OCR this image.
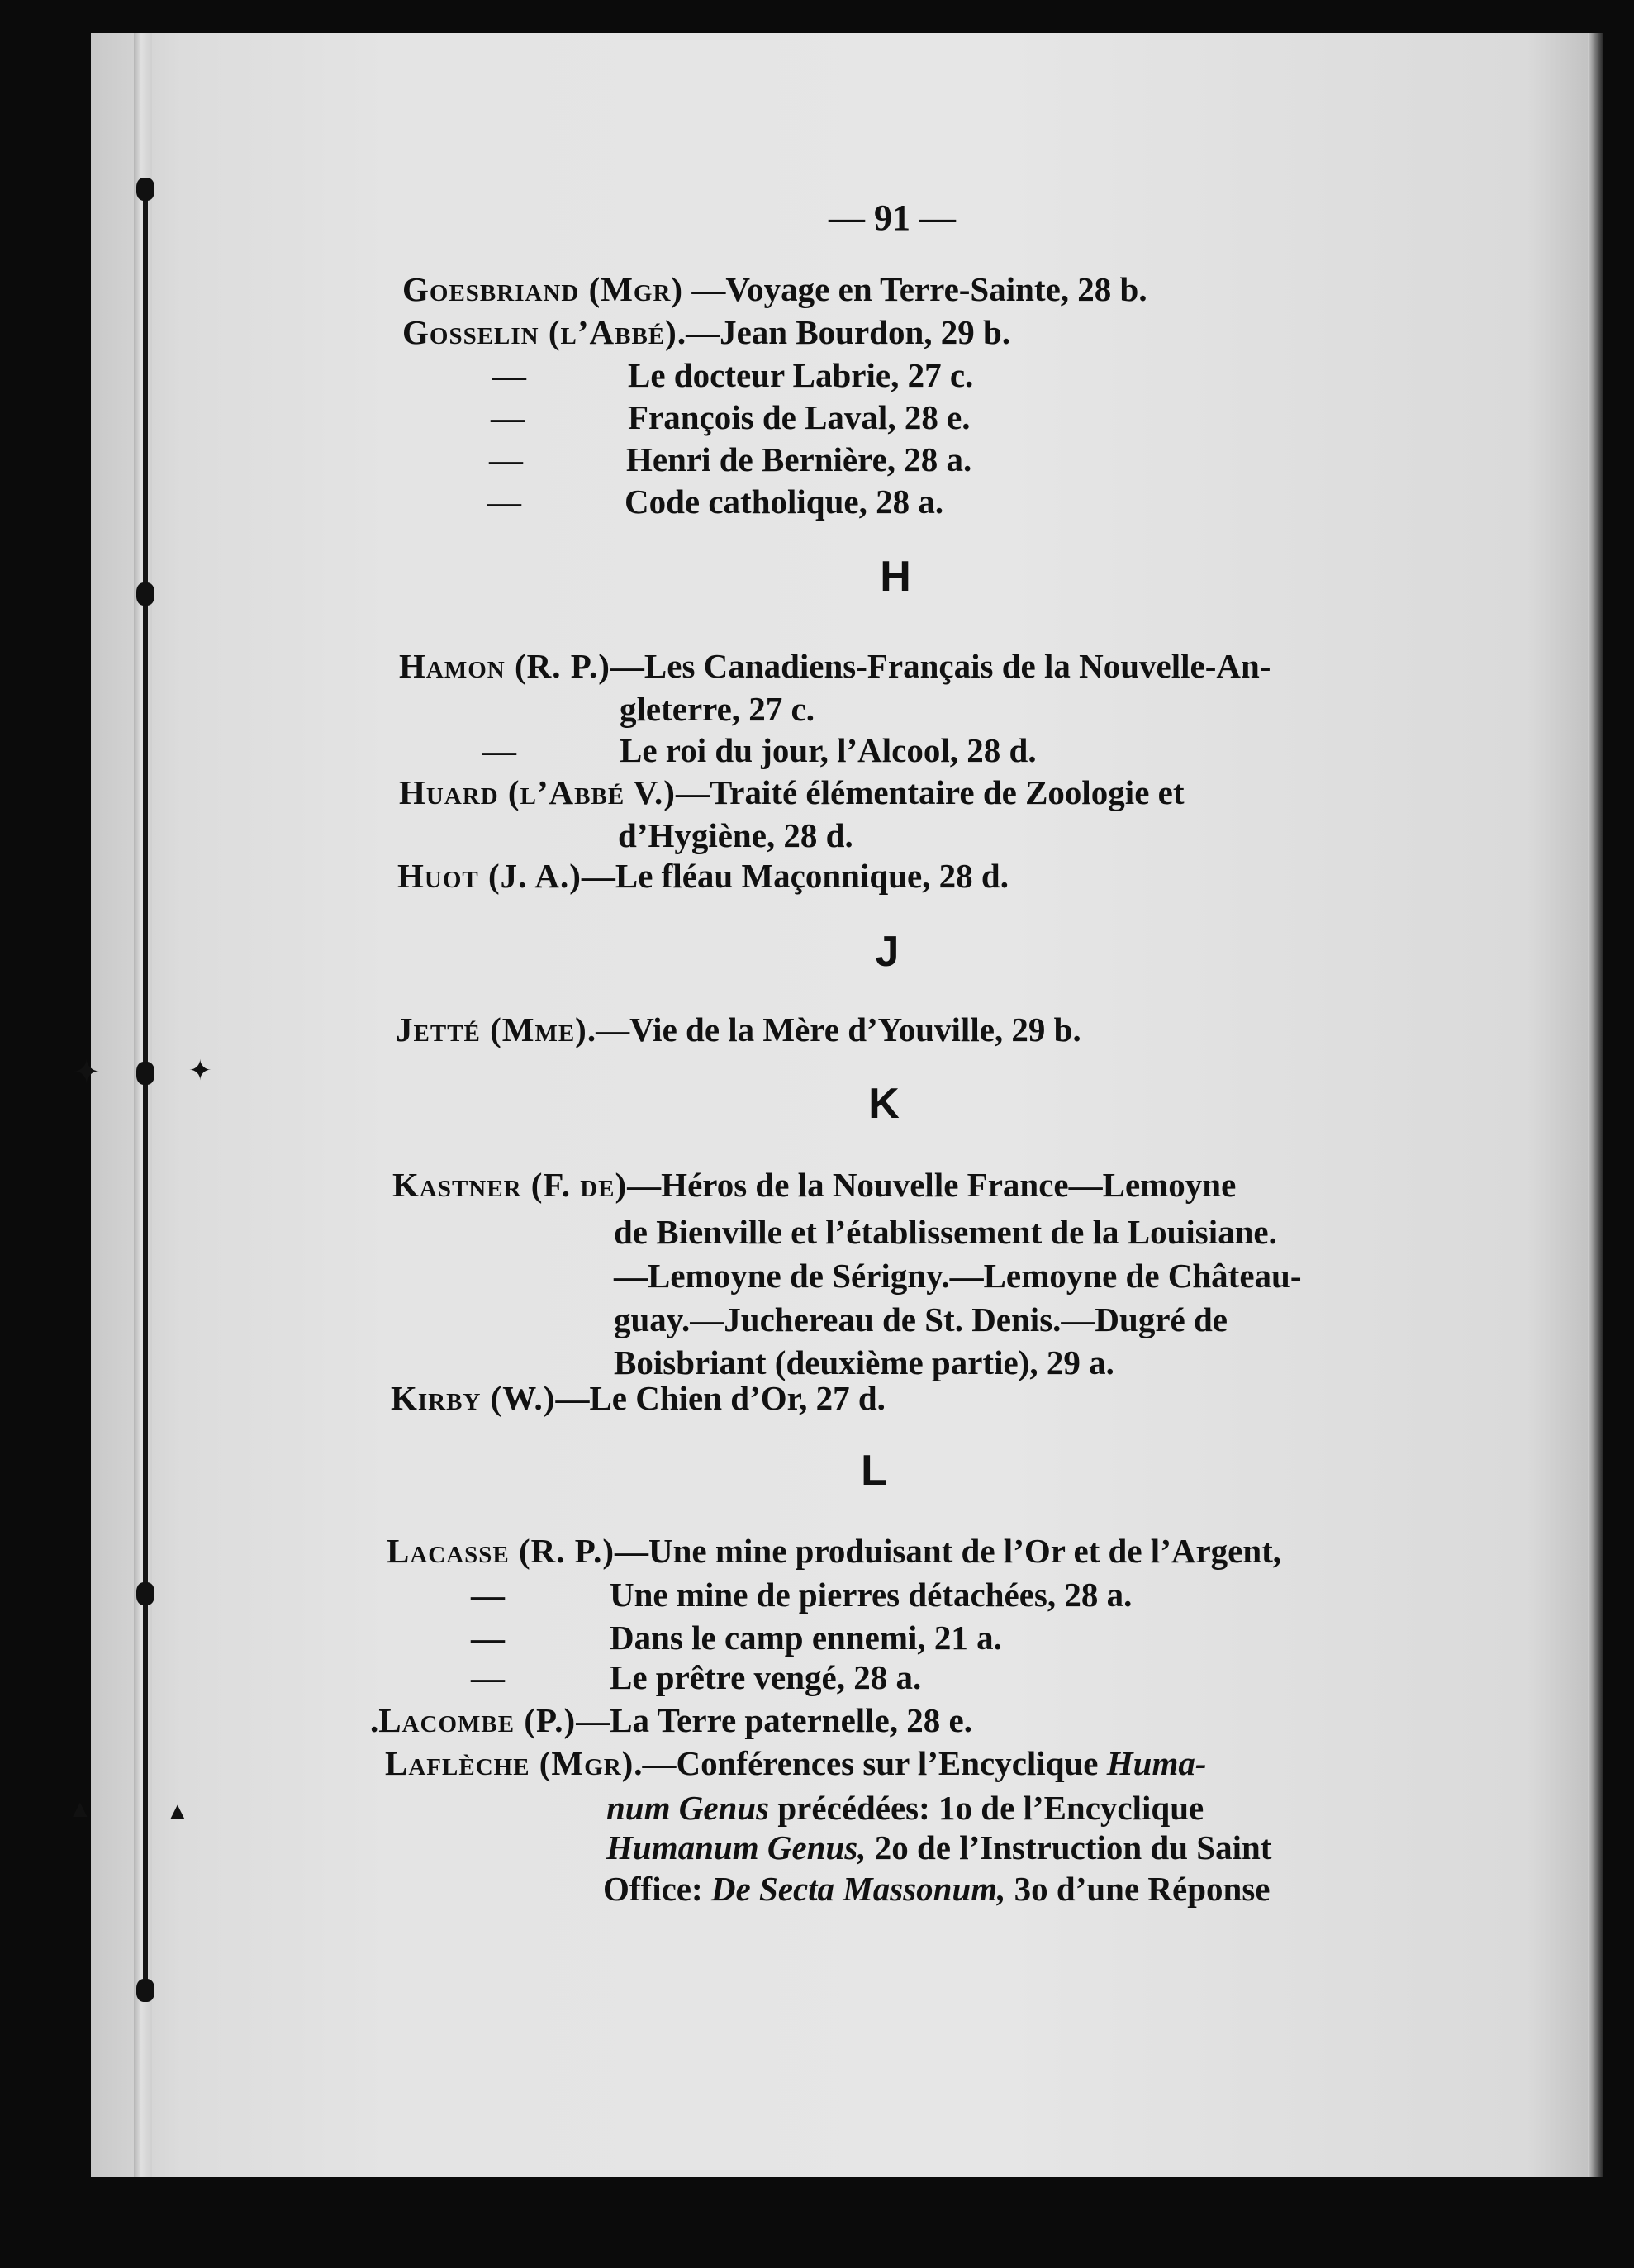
✦	✦
▲	▲
— 91 —
Goesbriand (Mgr) —Voyage en Terre-Sainte, 28 b.
Gosselin (l’Abbé).—Jean Bourdon, 29 b.
—	Le docteur Labrie, 27 c.
—	François de Laval, 28 e.
—	Henri de Bernière, 28 a.
—	Code catholique, 28 a.
H
Hamon (R. P.)—Les Canadiens-Français de la Nouvelle-An-
gleterre, 27 c.
—	Le roi du jour, l’Alcool, 28 d.
Huard (l’Abbé V.)—Traité élémentaire de Zoologie et
d’Hygiène, 28 d.
Huot (J. A.)—Le fléau Maçonnique, 28 d.
J
Jetté (Mme).—Vie de la Mère d’Youville, 29 b.
K
Kastner (F. de)—Héros de la Nouvelle France—Lemoyne
de Bienville et l’établissement de la Louisiane.
—Lemoyne de Sérigny.—Lemoyne de Château-
guay.—Juchereau de St. Denis.—Dugré de
Boisbriant (deuxième partie), 29 a.
Kirby (W.)—Le Chien d’Or, 27 d.
L
Lacasse (R. P.)—Une mine produisant de l’Or et de l’Argent,
—	Une mine de pierres détachées, 28 a.
—	Dans le camp ennemi, 21 a.
—	Le prêtre vengé, 28 a.
.Lacombe (P.)—La Terre paternelle, 28 e.
Laflèche (Mgr).—Conférences sur l’Encyclique Huma-
num Genus précédées: 1o de l’Encyclique
Humanum Genus, 2o de l’Instruction du Saint
Office: De Secta Massonum, 3o d’une Réponse
